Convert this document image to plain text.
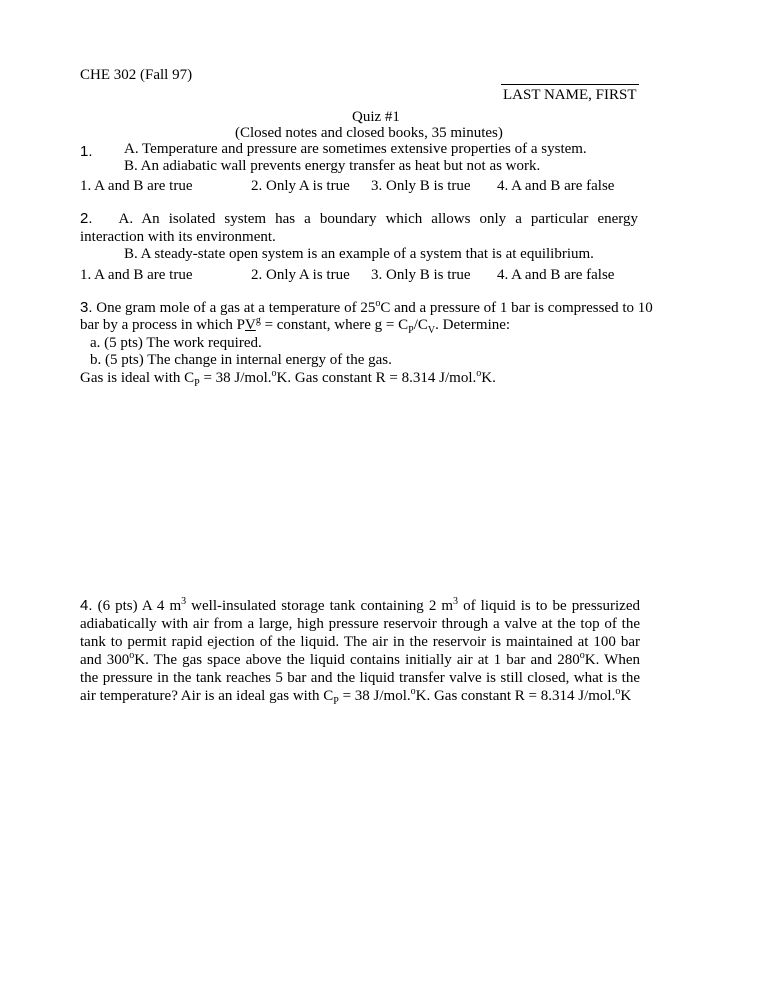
CHE 302 (Fall 97)
LAST NAME, FIRST
Quiz #1
(Closed notes and closed books, 35 minutes)
1. A. Temperature and pressure are sometimes extensive properties of a system.
B. An adiabatic wall prevents energy transfer as heat but not as work.
1. A and B are true	2. Only A is true 3. Only B is true 4. A and B are false
2. A. An isolated system has a boundary which allows only a particular energy interaction with its environment.
B. A steady-state open system is an example of a system that is at equilibrium.
1. A and B are true	2. Only A is true 3. Only B is true 4. A and B are false
3. One gram mole of a gas at a temperature of 25$^o$C and a pressure of 1 bar is compressed to 10
bar by a process in which $PV^g$ = constant, where $g = C_P/C_V$. Determine:
a. (5 pts) The work required.
b. (5 pts) The change in internal energy of the gas.
Gas is ideal with $C_P = 38$ J/mol.$^o$K. Gas constant R = 8.314 J/mol.$^o$K.
4. (6 pts) A 4 $m^3$ well-insulated storage tank containing 2 $m^3$ of liquid is to be pressurized adiabatically with air from a large, high pressure reservoir through a valve at the top of the tank to permit rapid ejection of the liquid. The air in the reservoir is maintained at 100 bar and 300$^o$K. The gas space above the liquid contains initially air at 1 bar and 280$^o$K. When the pressure in the tank reaches 5 bar and the liquid transfer valve is still closed, what is the air temperature? Air is an ideal gas with $C_P = 38$ J/mol.$^o$K. Gas constant R = 8.314 J/mol.$^o$K
